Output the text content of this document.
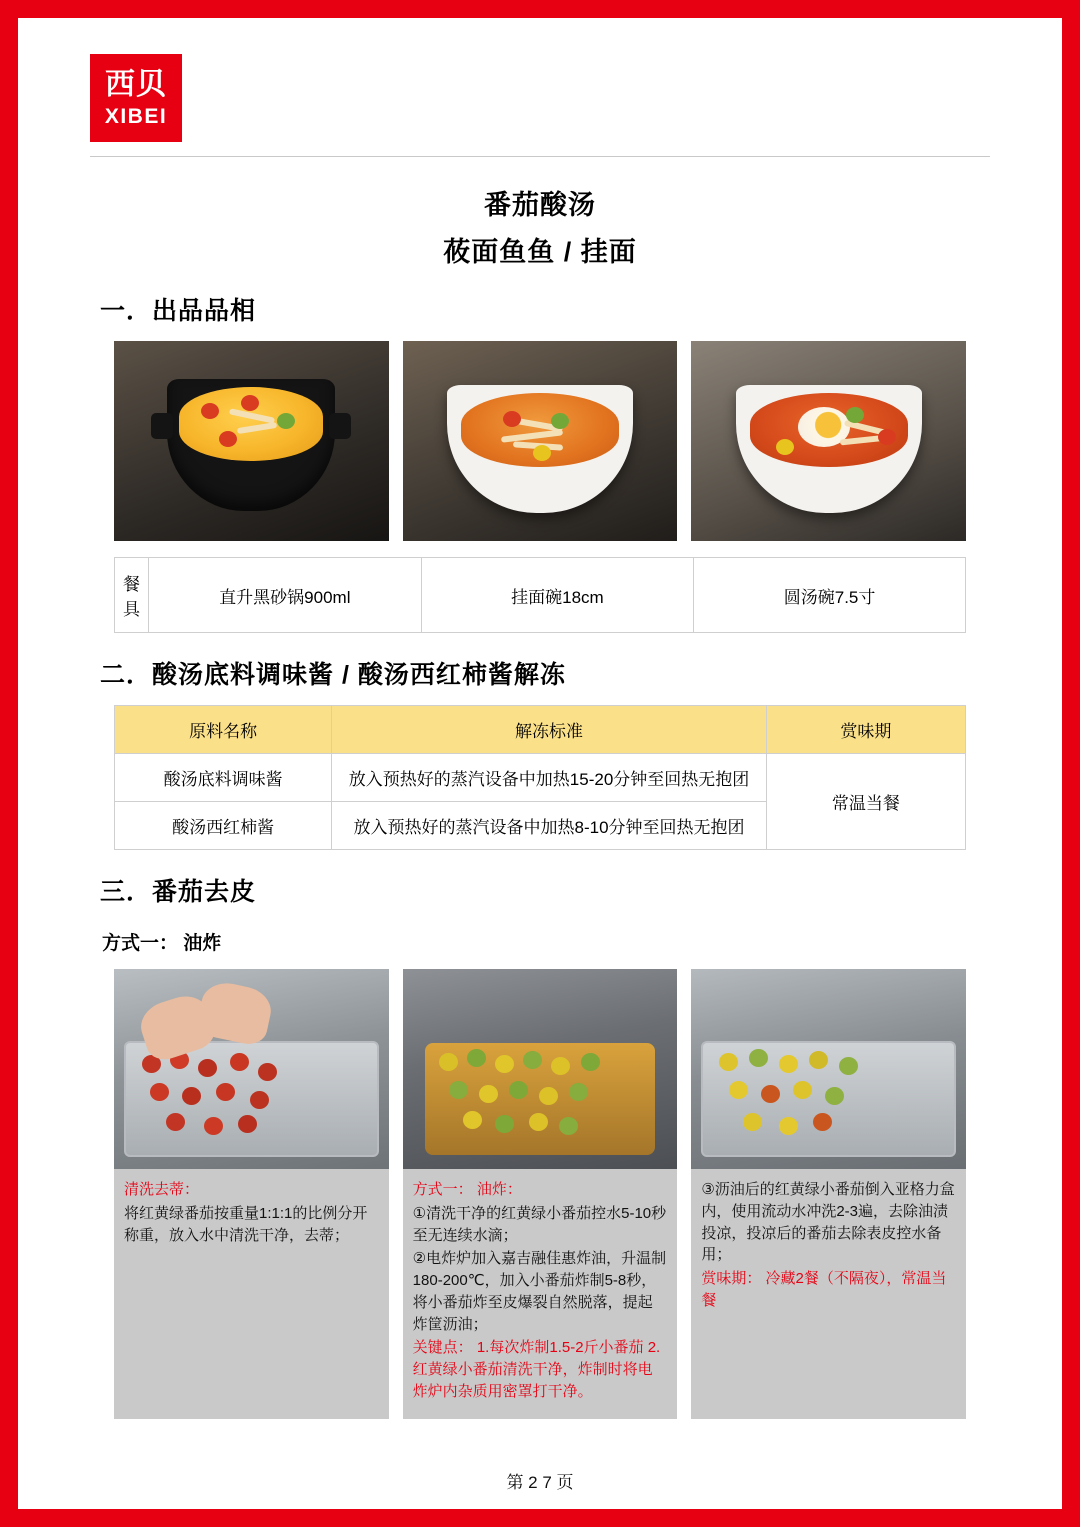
西贝
XIBEI
番茄酸汤
莜面鱼鱼 / 挂面
一．出品品相
餐具	直升黑砂锅900ml	挂面碗18cm	圆汤碗7.5寸
二．酸汤底料调味酱 / 酸汤西红柿酱解冻
原料名称	解冻标准	赏味期
酸汤底料调味酱	放入预热好的蒸汽设备中加热15-20分钟至回热无抱团	常温当餐
酸汤西红柿酱	放入预热好的蒸汽设备中加热8-10分钟至回热无抱团	
三．番茄去皮
方式一： 油炸

清洗去蒂：

将红黄绿番茄按重量1:1:1的比例分开称重，放入水中清洗干净，去蒂；

方式一： 油炸：

①清洗干净的红黄绿小番茄控水5-10秒至无连续水滴；

②电炸炉加入嘉吉融佳惠炸油，升温制180-200℃，加入小番茄炸制5-8秒，将小番茄炸至皮爆裂自然脱落，提起炸筐沥油；

关键点： 1.每次炸制1.5-2斤小番茄 2.红黄绿小番茄清洗干净，炸制时将电炸炉内杂质用密罩打干净。

③沥油后的红黄绿小番茄倒入亚格力盒内，使用流动水冲洗2-3遍，去除油渍投凉，投凉后的番茄去除表皮控水备用；

赏味期： 冷藏2餐（不隔夜），常温当餐

第 2 7 页
